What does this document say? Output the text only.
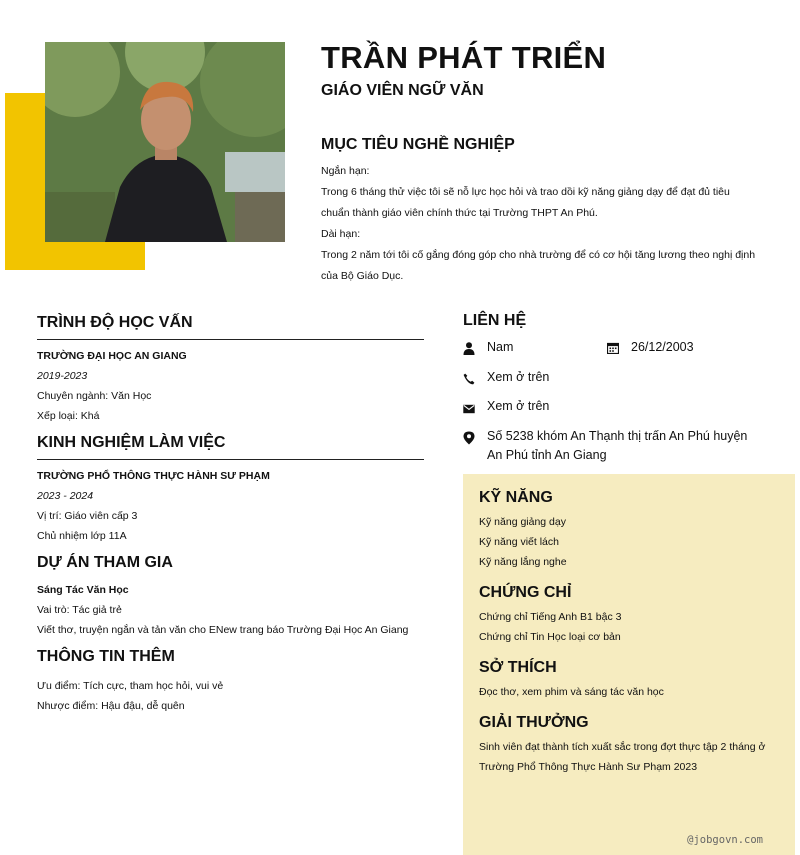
TRẦN PHÁT TRIỂN
GIÁO VIÊN NGỮ VĂN
MỤC TIÊU NGHỀ NGHIỆP

Ngắn hạn:

Trong 6 tháng thử việc tôi sẽ nỗ lực học hỏi và trao dồi kỹ năng giảng dạy để đạt đủ tiêu chuẩn thành giáo viên chính thức tại Trường THPT An Phú.

Dài hạn:

Trong 2 năm tới tôi cố gắng đóng góp cho nhà trường để có cơ hội tăng lương theo nghị định của Bộ Giáo Dục.

TRÌNH ĐỘ HỌC VẤN
TRƯỜNG ĐẠI HỌC AN GIANG
2019-2023
Chuyên ngành: Văn Học
Xếp loại: Khá
KINH NGHIỆM LÀM VIỆC
TRƯỜNG PHỔ THÔNG THỰC HÀNH SƯ PHẠM
2023 - 2024
Vị trí: Giáo viên cấp 3
Chủ nhiệm lớp 11A
DỰ ÁN THAM GIA
Sáng Tác Văn Học
Vai trò: Tác giả trẻ
Viết thơ, truyện ngắn và tản văn cho ENew trang báo Trường Đại Học An Giang
THÔNG TIN THÊM
Ưu điểm: Tích cực, tham học hỏi, vui vẻ
Nhược điểm: Hậu đậu, dễ quên
LIÊN HỆ
Nam	26/12/2003
Xem ở trên
Xem ở trên
Số 5238 khóm An Thạnh thị trấn An Phú huyện An Phú tỉnh An Giang
KỸ NĂNG
Kỹ năng giảng dạy
Kỹ năng viết lách
Kỹ năng lắng nghe
CHỨNG CHỈ
Chứng chỉ Tiếng Anh B1 bậc 3
Chứng chỉ Tin Học loại cơ bản
SỞ THÍCH
Đọc thơ, xem phim và sáng tác văn học
GIẢI THƯỞNG
Sinh viên đạt thành tích xuất sắc trong đợt thực tập 2 tháng ở Trường Phổ Thông Thực Hành Sư Phạm 2023
@jobgovn.com
